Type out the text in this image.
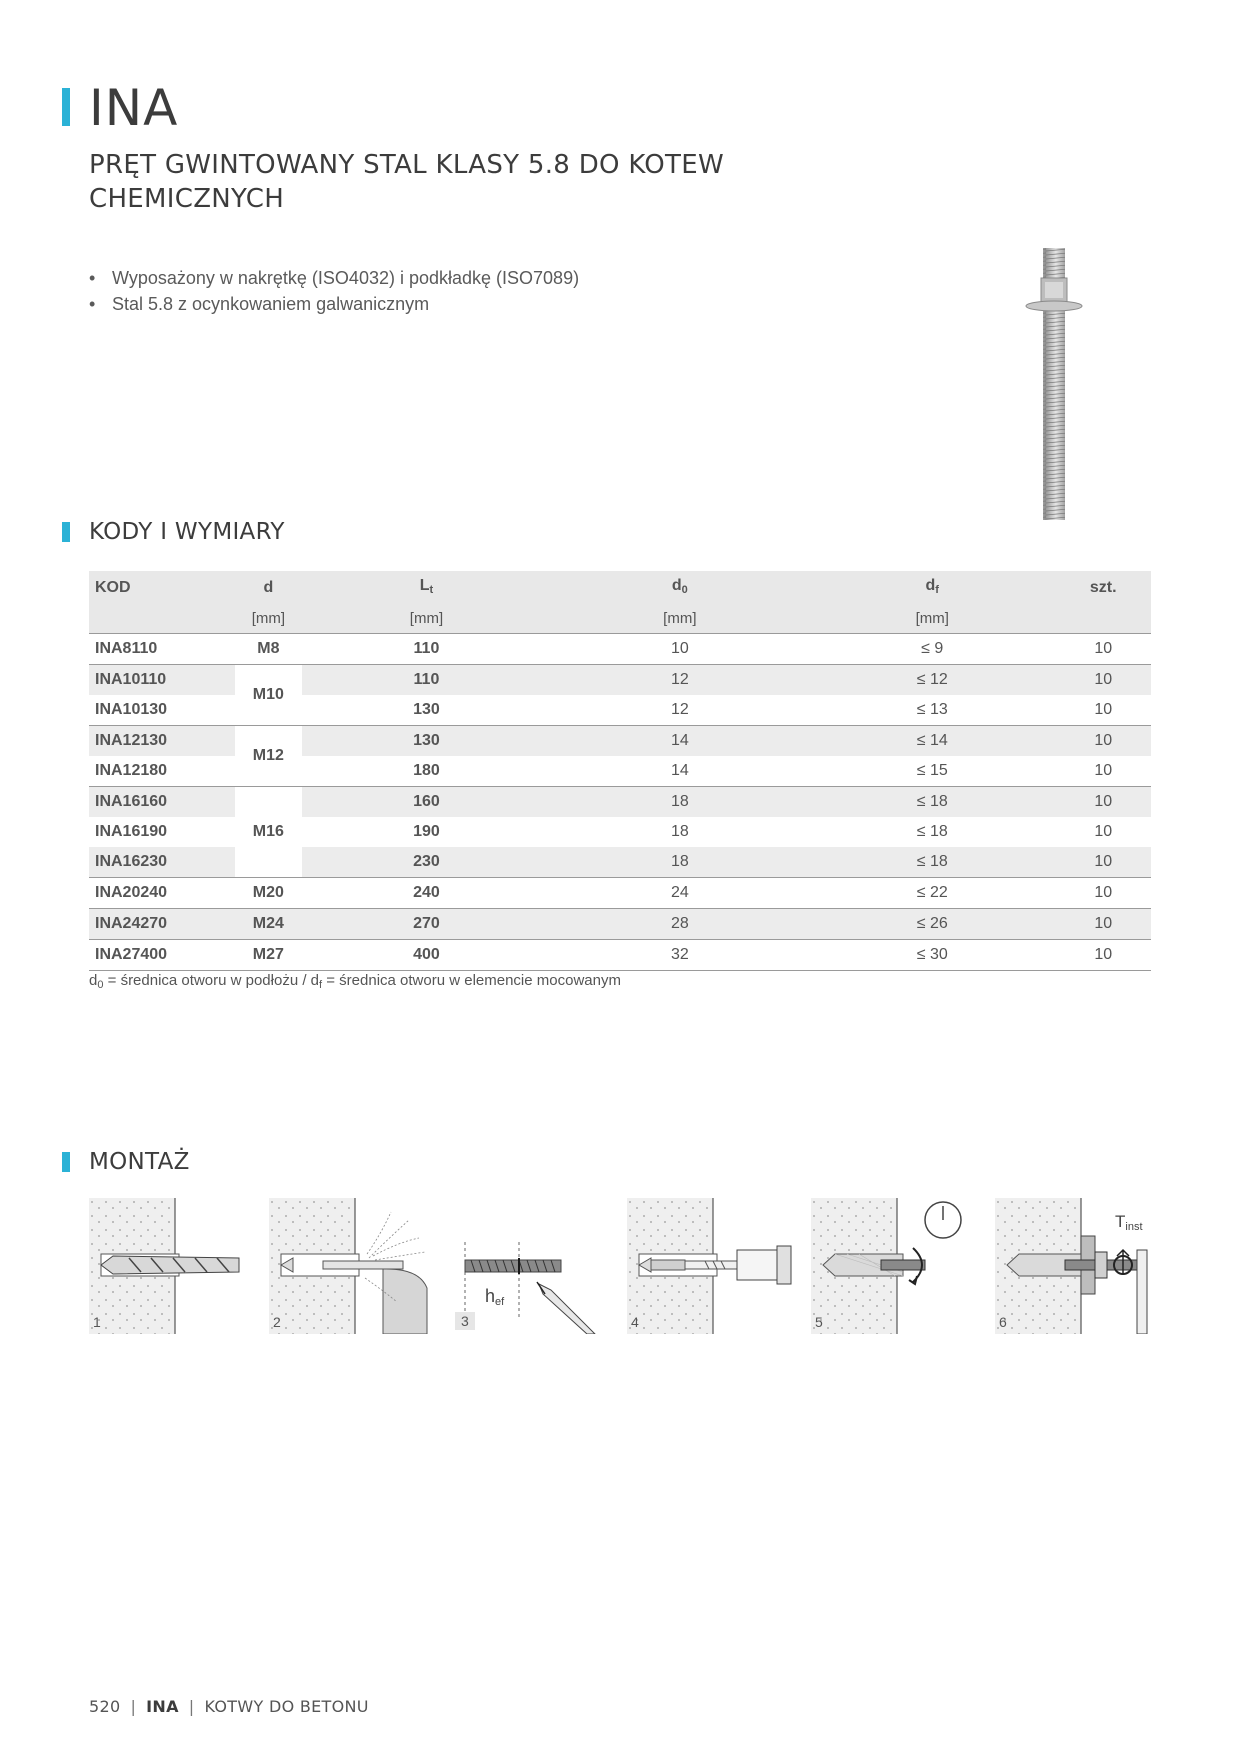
INA
PRĘT GWINTOWANY STAL KLASY 5.8 DO KOTEW CHEMICZNYCH
• Wyposażony w nakrętkę (ISO4032) i podkładkę (ISO7089)
• Stal 5.8 z ocynkowaniem galwanicznym
KODY I WYMIARY
KOD	d	$L_t$	$d_0$	$d_f$	szt.
	[mm]	[mm]	[mm]	[mm]	
INA8110	M8	110	10	≤ 9	10
INA10110	M10	110	12	≤ 12	10
INA10130		130	12	≤ 13	10
INA12130	M12	130	14	≤ 14	10
INA12180		180	14	≤ 15	10
INA16160	M16	160	18	≤ 18	10
INA16190		190	18	≤ 18	10
INA16230		230	18	≤ 18	10
INA20240	M20	240	24	≤ 22	10
INA24270	M24	270	28	≤ 26	10
INA27400	M27	400	32	≤ 30	10

$d_0$ = średnica otworu w podłożu / $d_f$ = średnica otworu w elemencie mocowanym

MONTAŻ
1	2
$h_{ef}$
3	4	5
$T_{inst}$
6
520 | INA | KOTWY DO BETONU
